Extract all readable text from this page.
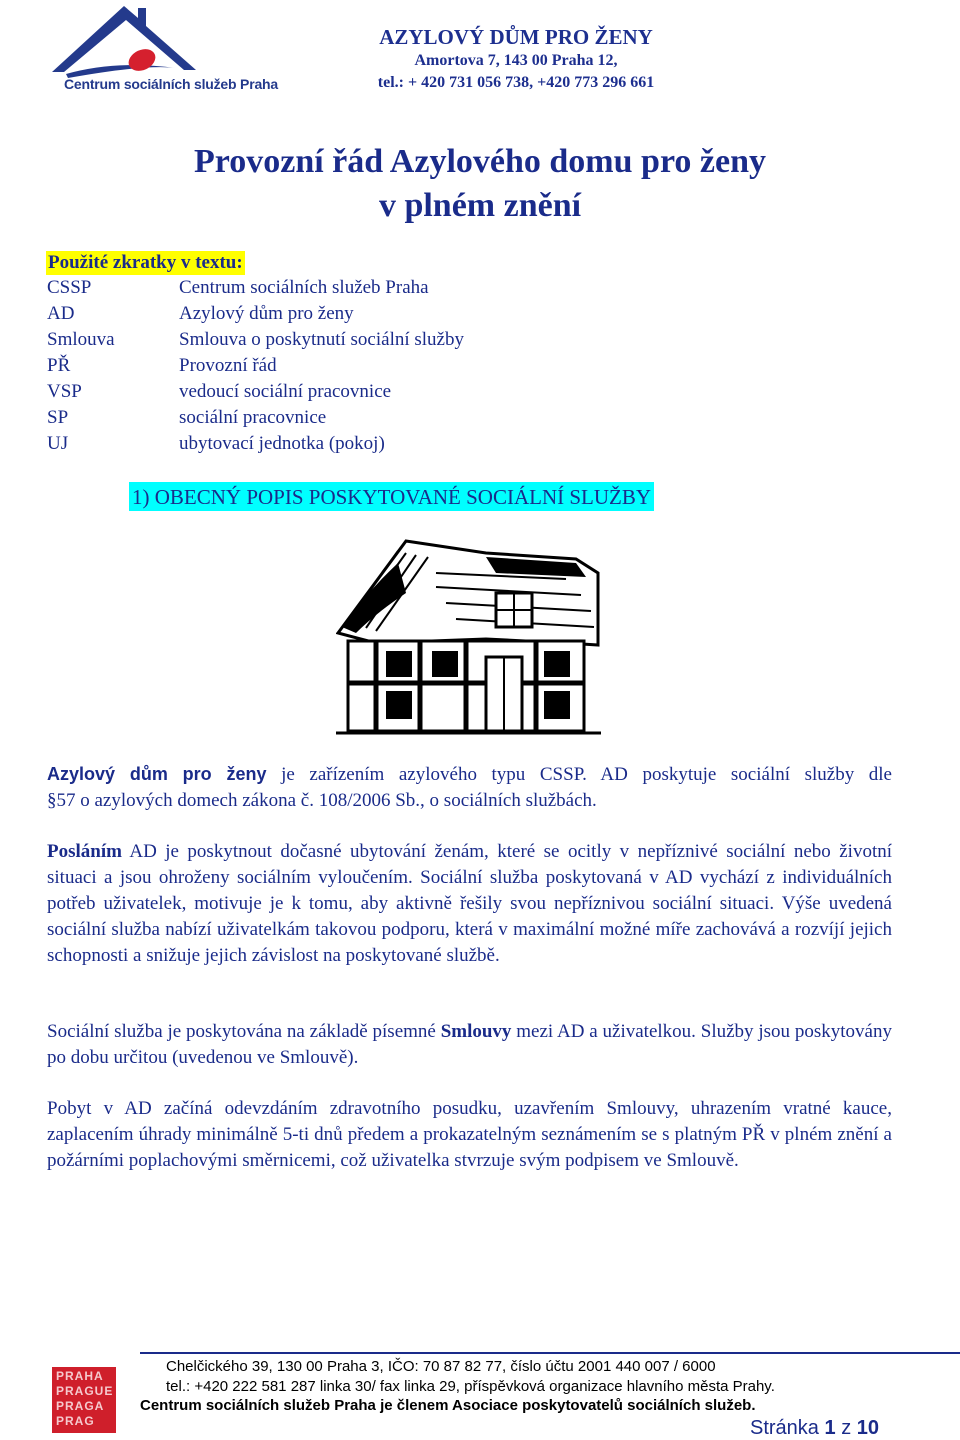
Centrum sociálních služeb Praha
AZYLOVÝ DŮM PRO ŽENY
Amortova 7, 143 00 Praha 12,
tel.: + 420 731 056 738, +420 773 296 661
Provozní řád Azylového domu pro ženy
v plném znění
Použité zkratky v textu:
CSSP	Centrum sociálních služeb Praha
AD	Azylový dům pro ženy
Smlouva	Smlouva o poskytnutí sociální služby
PŘ	Provozní řád
VSP	vedoucí sociální pracovnice
SP	sociální pracovnice
UJ	ubytovací jednotka (pokoj)
1) OBECNÝ POPIS POSKYTOVANÉ SOCIÁLNÍ SLUŽBY
Azylový dům pro ženy je zařízením azylového typu CSSP. AD poskytuje sociální služby dle
§57 o azylových domech zákona č. 108/2006 Sb., o sociálních službách.
Posláním AD je poskytnout dočasné ubytování ženám, které se ocitly v nepříznivé sociální nebo životní situaci a jsou ohroženy sociálním vyloučením. Sociální služba poskytovaná v AD vychází z individuálních potřeb uživatelek, motivuje je k tomu, aby aktivně řešily svou nepříznivou sociální situaci. Výše uvedená sociální služba nabízí uživatelkám takovou podporu, která v maximální možné míře zachovává a rozvíjí jejich schopnosti a snižuje jejich závislost na poskytované službě.
Sociální služba je poskytována na základě písemné Smlouvy mezi AD a uživatelkou. Služby jsou poskytovány po dobu určitou (uvedenou ve Smlouvě).
Pobyt v AD začíná odevzdáním zdravotního posudku, uzavřením Smlouvy, uhrazením vratné kauce, zaplacením úhrady minimálně 5-ti dnů předem a prokazatelným seznámením se s platným PŘ v plném znění a požárními poplachovými směrnicemi, což uživatelka stvrzuje svým podpisem ve Smlouvě.
PRAHA
PRAGUE
PRAGA
PRAG
Chelčického 39, 130 00 Praha 3, IČO: 70 87 82 77, číslo účtu 2001 440 007 / 6000
tel.: +420 222 581 287 linka 30/ fax linka 29, příspěvková organizace hlavního města Prahy.
Centrum sociálních služeb Praha je členem Asociace poskytovatelů sociálních služeb.
Stránka 1 z 10
